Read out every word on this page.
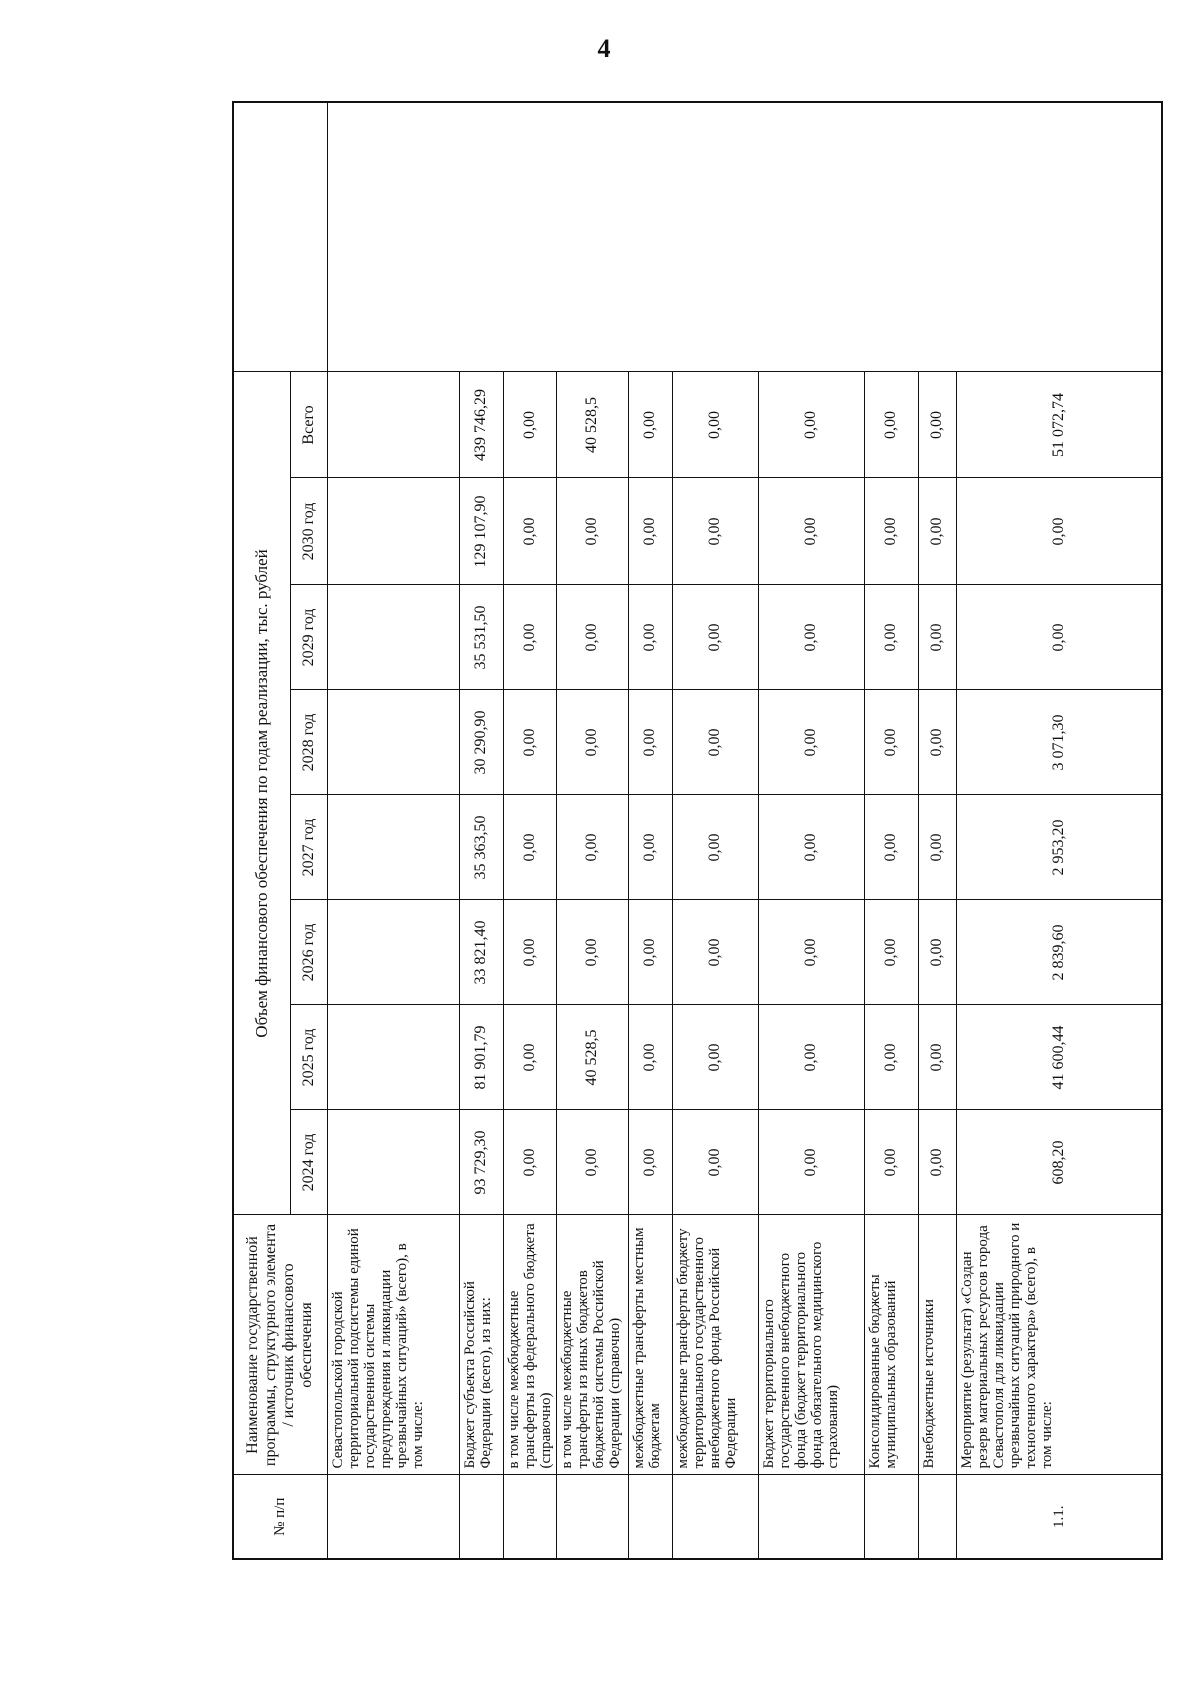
4
№ п/п	Наименование государственной программы, структурного элемента / источник финансового обеспечения	Объем финансового обеспечения по годам реализации, тыс. рублей								
		2024 год	2025 год	2026 год	2027 год	2028 год	2029 год	2030 год	Всего	
	Севастопольской городской территориальной подсистемы единой государственной системы предупреждения и ликвидации чрезвычайных ситуаций» (всего), в том числе:									
	Бюджет субъекта Российской Федерации (всего), из них:	93 729,30	81 901,79	33 821,40	35 363,50	30 290,90	35 531,50	129 107,90	439 746,29	
	в том числе межбюджетные трансферты из федерального бюджета (справочно)	0,00	0,00	0,00	0,00	0,00	0,00	0,00	0,00	
	в том числе межбюджетные трансферты из иных бюджетов бюджетной системы Российской Федерации (справочно)	0,00	40 528,5	0,00	0,00	0,00	0,00	0,00	40 528,5	
	межбюджетные трансферты местным бюджетам	0,00	0,00	0,00	0,00	0,00	0,00	0,00	0,00	
	межбюджетные трансферты бюджету территориального государственного внебюджетного фонда Российской Федерации	0,00	0,00	0,00	0,00	0,00	0,00	0,00	0,00	
	Бюджет территориального государственного внебюджетного фонда (бюджет территориального фонда обязательного медицинского страхования)	0,00	0,00	0,00	0,00	0,00	0,00	0,00	0,00	
	Консолидированные бюджеты муниципальных образований	0,00	0,00	0,00	0,00	0,00	0,00	0,00	0,00	
	Внебюджетные источники	0,00	0,00	0,00	0,00	0,00	0,00	0,00	0,00	
1.1.	Мероприятие (результат) «Создан резерв материальных ресурсов города Севастополя для ликвидации чрезвычайных ситуаций природного и техногенного характера» (всего), в том числе:	608,20	41 600,44	2 839,60	2 953,20	3 071,30	0,00	0,00	51 072,74	
